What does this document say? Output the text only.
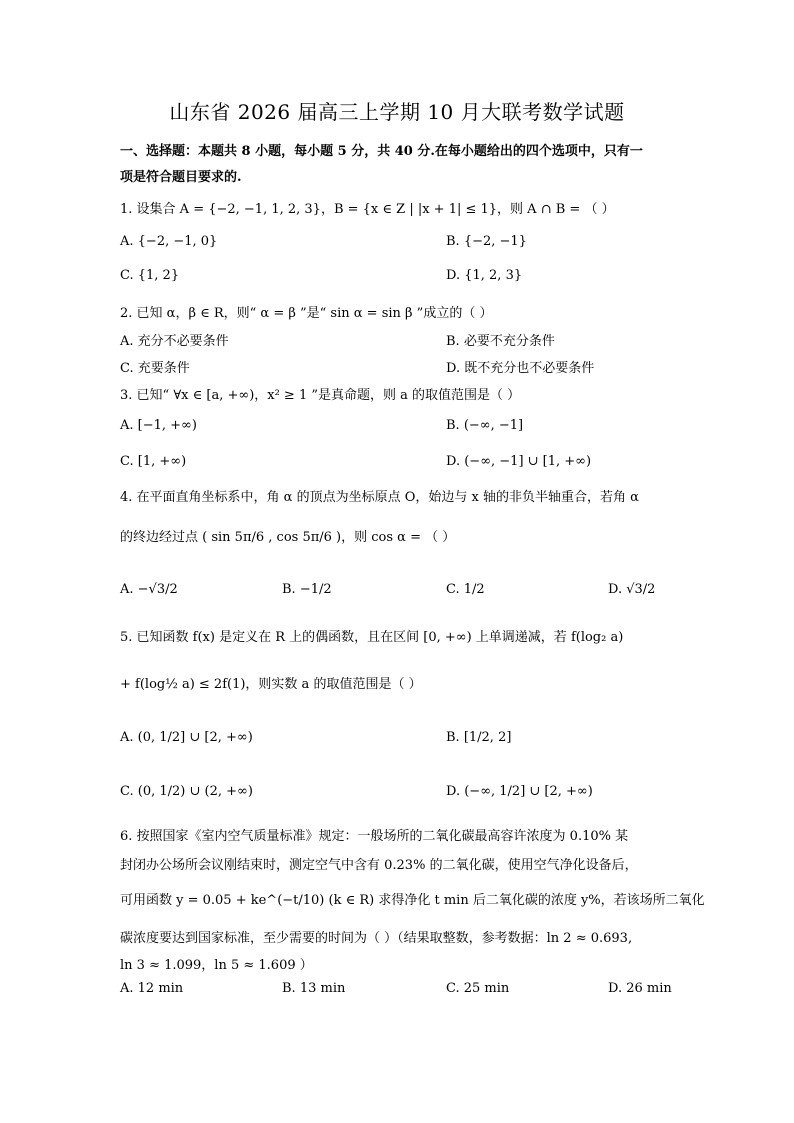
山东省 2026 届高三上学期 10 月大联考数学试题
一、选择题：本题共 8 小题，每小题 5 分，共 40 分.在每小题给出的四个选项中，只有一
项是符合题目要求的.
1. 设集合 A = {−2, −1, 1, 2, 3}，B = {x ∈ Z | |x + 1| ≤ 1}，则 A ∩ B = （ ）
A. {−2, −1, 0}	B. {−2, −1}
C. {1, 2}	D. {1, 2, 3}
2. 已知 α，β ∈ R，则“ α = β ”是“ sin α = sin β ”成立的（ ）
A. 充分不必要条件	B. 必要不充分条件
C. 充要条件	D. 既不充分也不必要条件
3. 已知“ ∀x ∈ [a, +∞)，x² ≥ 1 ”是真命题，则 a 的取值范围是（ ）
A. [−1, +∞)	B. (−∞, −1]
C. [1, +∞)	D. (−∞, −1] ∪ [1, +∞)
4. 在平面直角坐标系中，角 α 的顶点为坐标原点 O，始边与 x 轴的非负半轴重合，若角 α
的终边经过点 ( sin 5π/6 , cos 5π/6 )，则 cos α = （ ）
A. −√3/2	B. −1/2	C. 1/2	D. √3/2
5. 已知函数 f(x) 是定义在 R 上的偶函数，且在区间 [0, +∞) 上单调递减，若 f(log₂ a)
+ f(log½ a) ≤ 2f(1)，则实数 a 的取值范围是（ ）
A. (0, 1/2] ∪ [2, +∞)	B. [1/2, 2]
C. (0, 1/2) ∪ (2, +∞)	D. (−∞, 1/2] ∪ [2, +∞)
6. 按照国家《室内空气质量标准》规定：一般场所的二氧化碳最高容许浓度为 0.10% 某
封闭办公场所会议刚结束时，测定空气中含有 0.23% 的二氧化碳，使用空气净化设备后，
可用函数 y = 0.05 + ke^(−t/10) (k ∈ R) 求得净化 t min 后二氧化碳的浓度 y%，若该场所二氧化
碳浓度要达到国家标准，至少需要的时间为（ ）（结果取整数，参考数据：ln 2 ≈ 0.693,
ln 3 ≈ 1.099，ln 5 ≈ 1.609 ）
A. 12 min	B. 13 min	C. 25 min	D. 26 min
